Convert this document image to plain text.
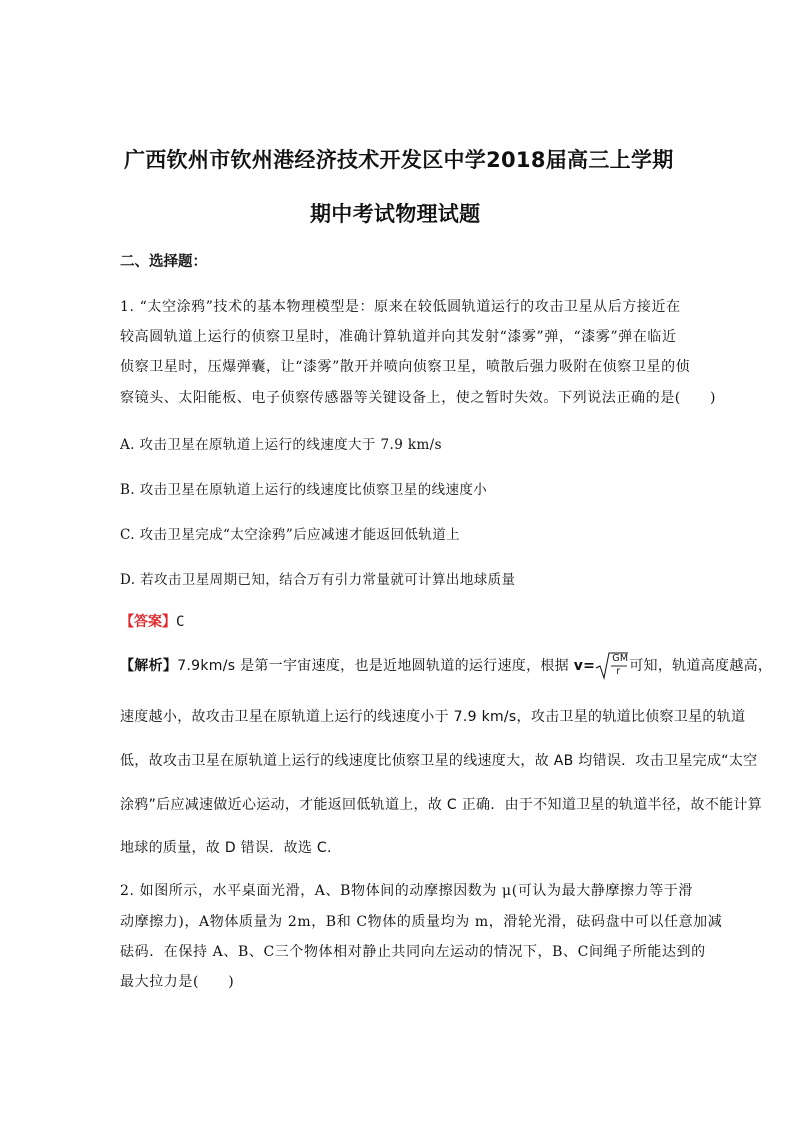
广西钦州市钦州港经济技术开发区中学2018届高三上学期
期中考试物理试题
二、选择题：
1. “太空涂鸦”技术的基本物理模型是：原来在较低圆轨道运行的攻击卫星从后方接近在
较高圆轨道上运行的侦察卫星时，准确计算轨道并向其发射“漆雾”弹，“漆雾”弹在临近
侦察卫星时，压爆弹囊，让“漆雾”散开并喷向侦察卫星，喷散后强力吸附在侦察卫星的侦
察镜头、太阳能板、电子侦察传感器等关键设备上，使之暂时失效。下列说法正确的是(　　)
A. 攻击卫星在原轨道上运行的线速度大于 7.9 km/s
B. 攻击卫星在原轨道上运行的线速度比侦察卫星的线速度小
C. 攻击卫星完成“太空涂鸦”后应减速才能返回低轨道上
D. 若攻击卫星周期已知，结合万有引力常量就可计算出地球质量
【答案】C
【解析】7.9km/s 是第一宇宙速度，也是近地圆轨道的运行速度，根据 v= GM
r 可知，轨道高度越高，
速度越小，故攻击卫星在原轨道上运行的线速度小于 7.9 km/s，攻击卫星的轨道比侦察卫星的轨道
低，故攻击卫星在原轨道上运行的线速度比侦察卫星的线速度大，故 AB 均错误．攻击卫星完成“太空
涂鸦”后应减速做近心运动，才能返回低轨道上，故 C 正确．由于不知道卫星的轨道半径，故不能计算
地球的质量，故 D 错误．故选 C.
2. 如图所示，水平桌面光滑，A、B物体间的动摩擦因数为 μ(可认为最大静摩擦力等于滑
动摩擦力)，A物体质量为 2m，B和 C物体的质量均为 m，滑轮光滑，砝码盘中可以任意加减
砝码．在保持 A、B、C三个物体相对静止共同向左运动的情况下，B、C间绳子所能达到的
最大拉力是(　　)
